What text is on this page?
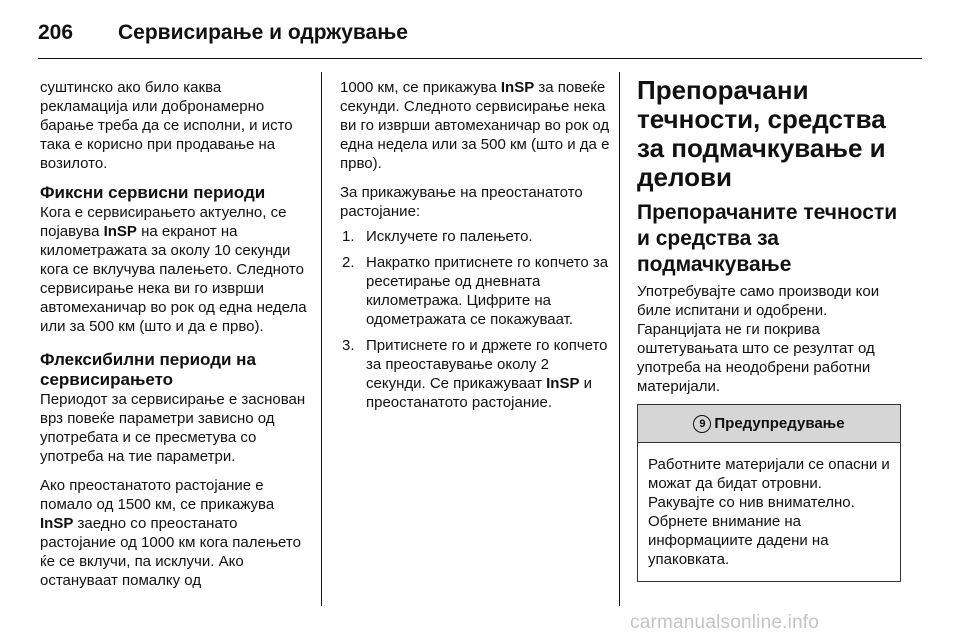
206	Сервисирање и одржување

суштинско ако било каква рекламација или добронамерно барање треба да се исполни, и исто така е корисно при продавање на возилото.

Фиксни сервисни периоди

Кога е сервисирањето актуелно, се појавува InSP на екранот на километражата за околу 10 секунди кога се вклучува палењето. Следното сервисирање нека ви го изврши автомеханичар во рок од една недела или за 500 км (што и да е прво).

Флексибилни периоди на сервисирањето

Периодот за сервисирање е заснован врз повеќе параметри зависно од употребата и се пресметува со употреба на тие параметри.

Ако преостанатото растојание е помало од 1500 км, се прикажува InSP заедно со преостанато растојание од 1000 км кога палењето ќе се вклучи, па исклучи. Ако останувaат помалку од

1000 км, се прикажува InSP за повеќе секунди. Следното сервисирање нека ви го изврши автомеханичар во рок од една недела или за 500 км (што и да е прво).

За прикажување на преостанатото растојание:

1. Исклучете го палењето.
2. Накратко притиснете го копчето за ресетирање од дневната километража. Цифрите на одометражата се покажуваат.
3. Притиснете го и држете го копчето за преоставување околу 2 секунди. Се прикажуваат InSP и преостанатото растојание.
Препорачани течности, средства за подмачкување и делови
Препорачаните течности и средства за подмачкување

Употребувајте само производи кои биле испитани и одобрени. Гаранцијата не ги покрива оштетувањата што се резултат од употреба на неодобрени работни материјали.

9 Предупредување
Работните материјали се опасни и можат да бидат отровни. Ракувајте со нив внимателно. Обрнете внимание на информациите дадени на упаковката.
carmanualsonline.info
